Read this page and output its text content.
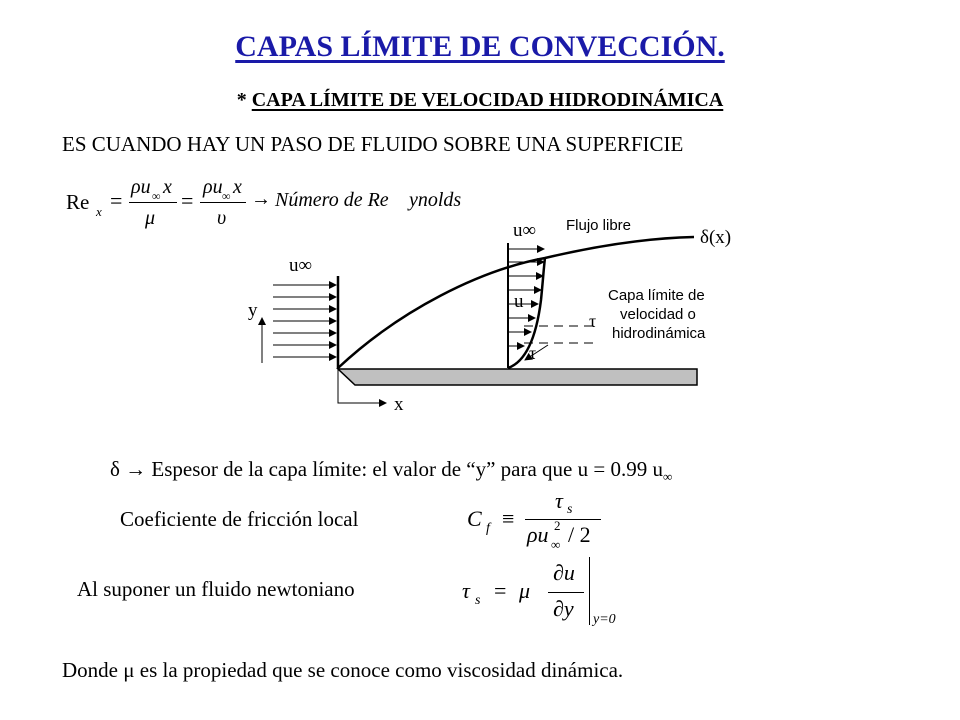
CAPAS LÍMITE DE CONVECCIÓN.
* CAPA LÍMITE DE VELOCIDAD HIDRODINÁMICA
ES CUANDO HAY UN PASO DE FLUIDO SOBRE UNA SUPERFICIE
Re x =
ρu ∞ x
μ
=
ρu ∞ x
υ
→ Número de Re ynolds
u∞
y
x
u∞
u
τ
τ
Flujo libre
δ(x)
Capa límite de
velocidad o
hidrodinámica
δ → Espesor de la capa límite: el valor de “y” para que u = 0.99 $u_\infty$
Coeficiente de fricción local	C f ≡
τ s
ρu 2
∞ / 2
Al suponer un fluido newtoniano	τ s = μ
∂u
∂y y=0
Donde μ es la propiedad que se conoce como viscosidad dinámica.
